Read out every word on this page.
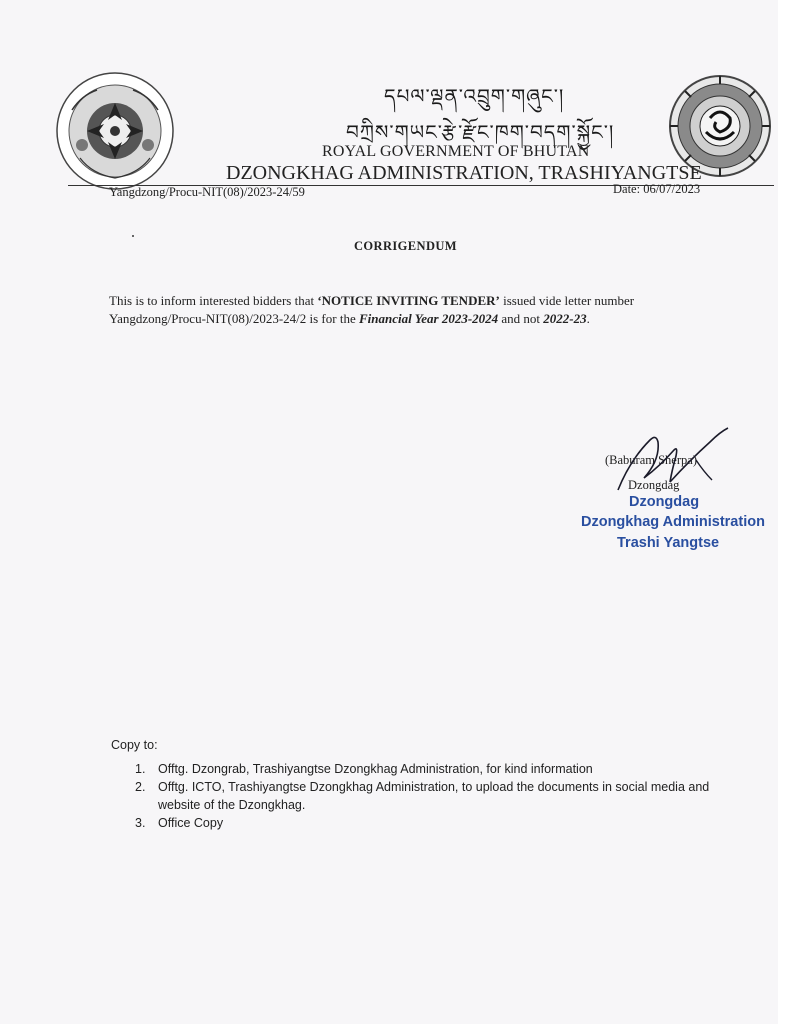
དཔལ་ལྡན་འབྲུག་གཞུང་།
བཀྲིས་གཡང་རྩེ་རྫོང་ཁག་བདག་སྐྱོང་།
ROYAL GOVERNMENT OF BHUTAN
DZONGKHAG ADMINISTRATION, TRASHIYANGTSE
Yangdzong/Procu-NIT(08)/2023-24/59	Date: 06/07/2023
CORRIGENDUM
This is to inform interested bidders that ‘NOTICE INVITING TENDER’ issued vide letter number Yangdzong/Procu-NIT(08)/2023-24/2 is for the Financial Year 2023-2024 and not 2022-23.
(Baburam Sherpa)
Dzongdag
Dzongdag
Dzongkhag Administration
Trashi Yangtse
Copy to:
1. Offtg. Dzongrab, Trashiyangtse Dzongkhag Administration, for kind information
2. Offtg. ICTO, Trashiyangtse Dzongkhag Administration, to upload the documents in social media and website of the Dzongkhag.
3. Office Copy
